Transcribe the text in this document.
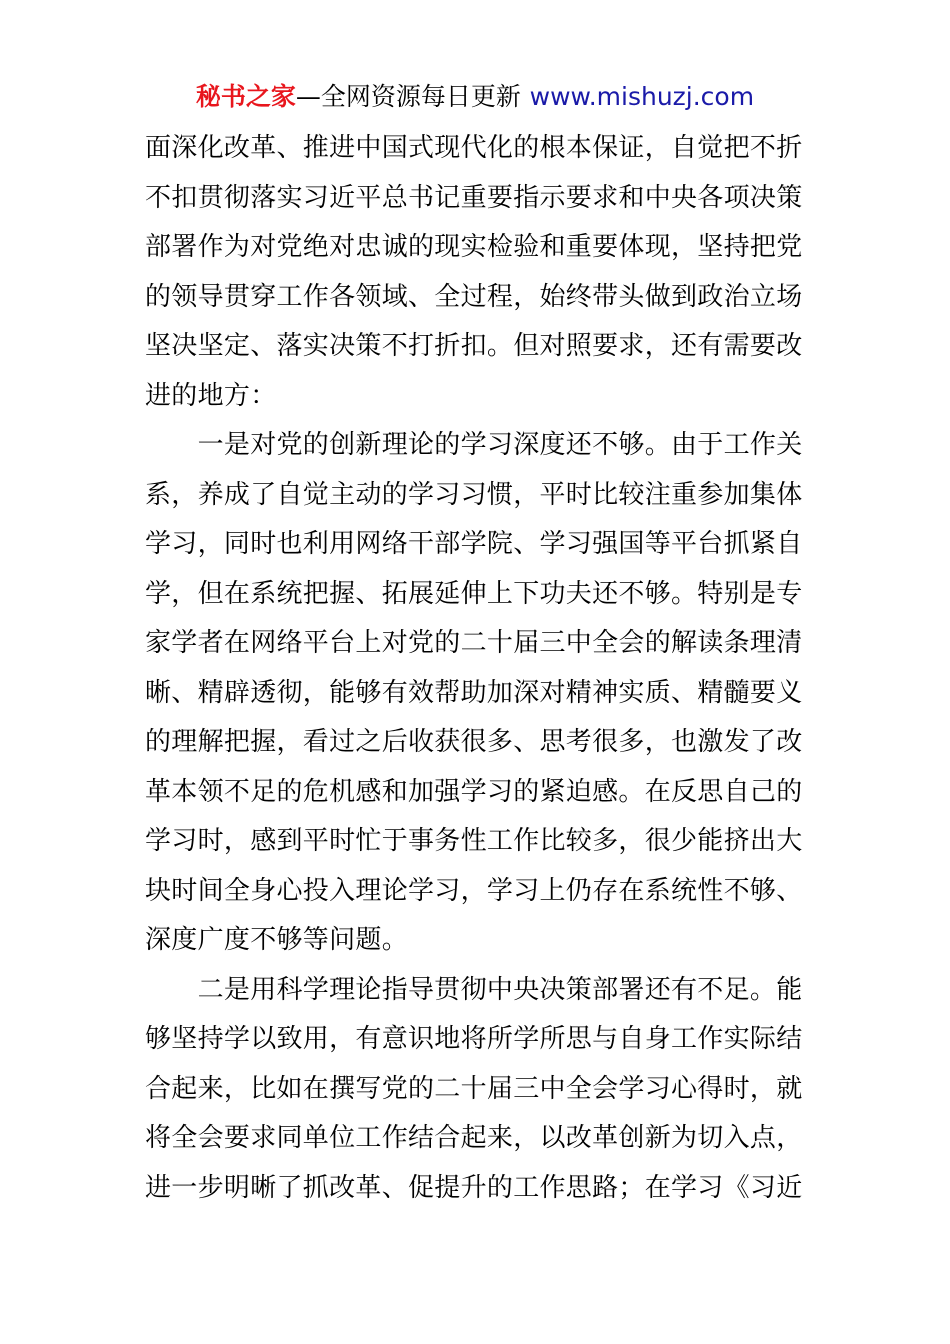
秘书之家—全网资源每日更新 www.mishuzj.com
面深化改革、推进中国式现代化的根本保证，自觉把不折
不扣贯彻落实习近平总书记重要指示要求和中央各项决策
部署作为对党绝对忠诚的现实检验和重要体现，坚持把党
的领导贯穿工作各领域、全过程，始终带头做到政治立场
坚决坚定、落实决策不打折扣。但对照要求，还有需要改
进的地方：
　　一是对党的创新理论的学习深度还不够。由于工作关
系，养成了自觉主动的学习习惯，平时比较注重参加集体
学习，同时也利用网络干部学院、学习强国等平台抓紧自
学，但在系统把握、拓展延伸上下功夫还不够。特别是专
家学者在网络平台上对党的二十届三中全会的解读条理清
晰、精辟透彻，能够有效帮助加深对精神实质、精髓要义
的理解把握，看过之后收获很多、思考很多，也激发了改
革本领不足的危机感和加强学习的紧迫感。在反思自己的
学习时，感到平时忙于事务性工作比较多，很少能挤出大
块时间全身心投入理论学习，学习上仍存在系统性不够、
深度广度不够等问题。
　　二是用科学理论指导贯彻中央决策部署还有不足。能
够坚持学以致用，有意识地将所学所思与自身工作实际结
合起来，比如在撰写党的二十届三中全会学习心得时，就
将全会要求同单位工作结合起来，以改革创新为切入点，
进一步明晰了抓改革、促提升的工作思路；在学习《习近
